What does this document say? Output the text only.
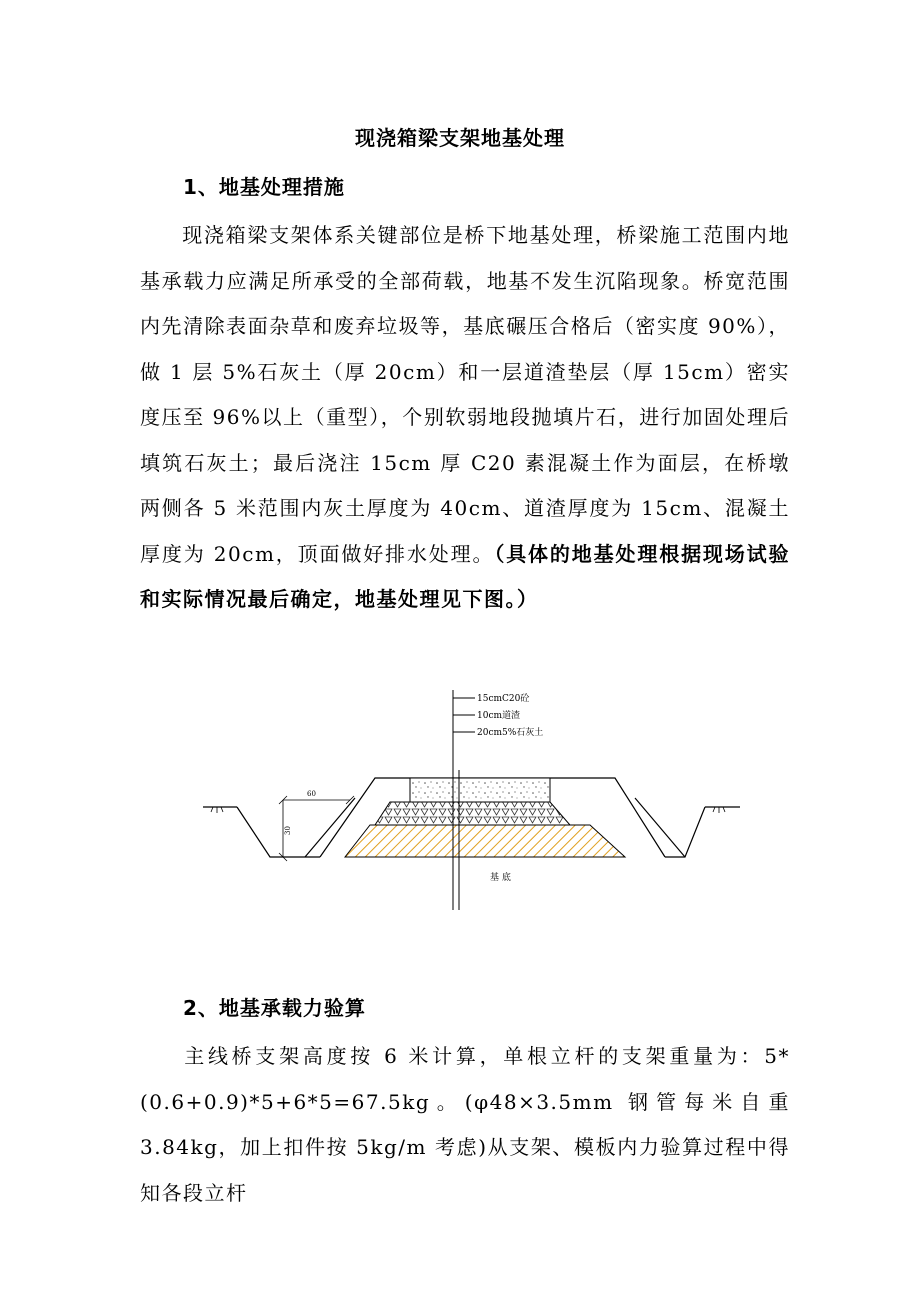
现浇箱梁支架地基处理
1、地基处理措施
现浇箱梁支架体系关键部位是桥下地基处理，桥梁施工范围内地基承载力应满足所承受的全部荷载，地基不发生沉陷现象。桥宽范围内先清除表面杂草和废弃垃圾等，基底碾压合格后（密实度 90%），做 1 层 5%石灰土（厚 20cm）和一层道渣垫层（厚 15cm）密实度压至 96%以上（重型），个别软弱地段抛填片石，进行加固处理后填筑石灰土；最后浇注 15cm 厚 C20 素混凝土作为面层，在桥墩两侧各 5 米范围内灰土厚度为 40cm、道渣厚度为 15cm、混凝土厚度为 20cm，顶面做好排水处理。（具体的地基处理根据现场试验和实际情况最后确定，地基处理见下图。）
15cmC20砼
10cm道渣
20cm5%石灰土
基 底
60
30
2、地基承载力验算
主线桥支架高度按 6 米计算，单根立杆的支架重量为：5*(0.6+0.9)*5+6*5=67.5kg。(φ48×3.5mm 钢管每米自重 3.84kg，加上扣件按 5kg/m 考虑)从支架、模板内力验算过程中得知各段立杆
